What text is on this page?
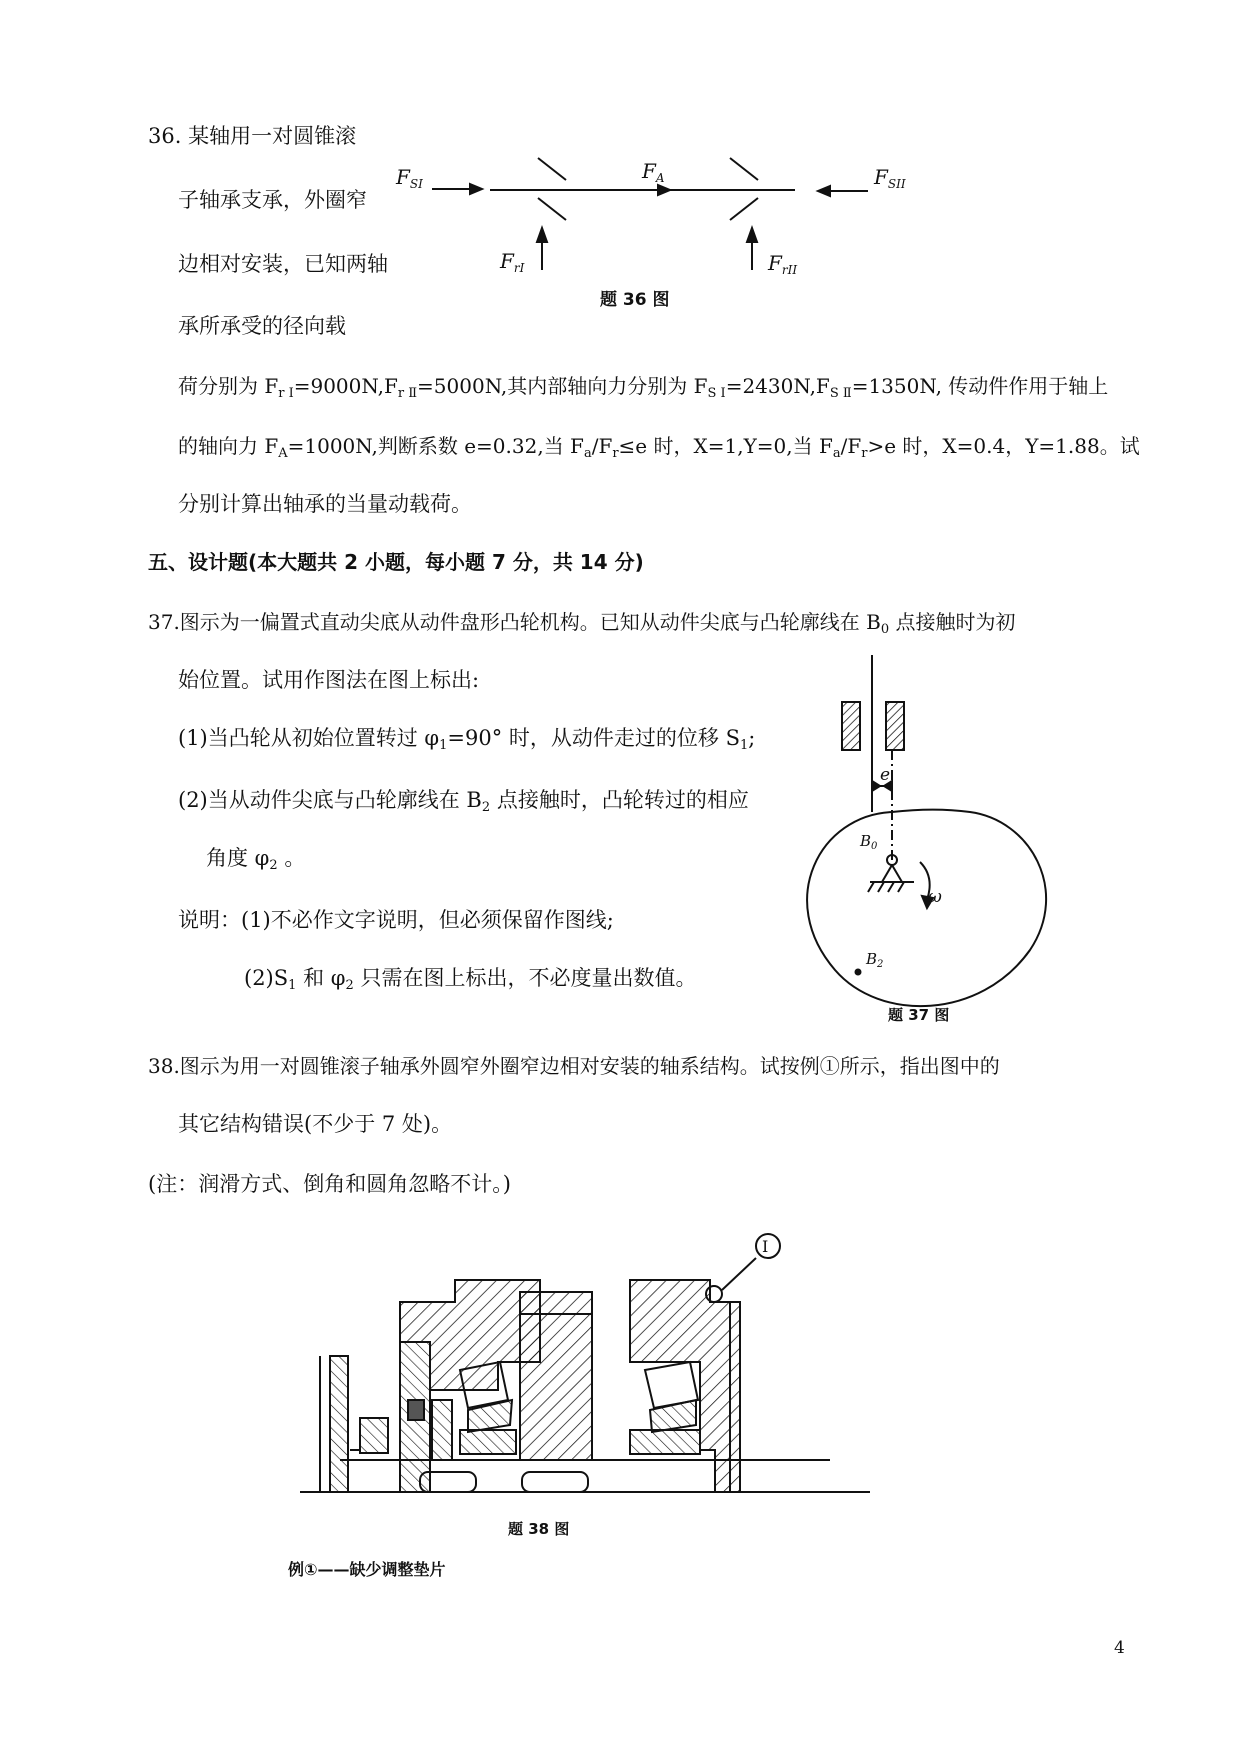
36. 某轴用一对圆锥滚
子轴承支承，外圈窄
边相对安装，已知两轴
承所承受的径向载
荷分别为 $F_{r Ⅰ}=9000N,F_{r Ⅱ}=5000N$,其内部轴向力分别为 $F_{S Ⅰ}=2430N,F_{S Ⅱ}=1350N$, 传动件作用于轴上
的轴向力 $F_A=1000N$,判断系数 e=0.32,当 $F_a/F_r\le e$ 时，X=1,Y=0,当 $F_a/F_r>e$ 时，X=0.4，Y=1.88。试
分别计算出轴承的当量动载荷。
$F_{SI}$
$F_A$	$F_{SII}$
$F_{rI}$	$F_{rII}$
题 36 图
五、设计题(本大题共 2 小题，每小题 7 分，共 14 分)
37.图示为一偏置式直动尖底从动件盘形凸轮机构。已知从动件尖底与凸轮廓线在 $B_0$ 点接触时为初
始位置。试用作图法在图上标出:
(1)当凸轮从初始位置转过 $\varphi_1=90^\circ$ 时，从动件走过的位移 $S_1$;
(2)当从动件尖底与凸轮廓线在 $B_2$ 点接触时，凸轮转过的相应
角度 $\varphi_2$ 。
说明：(1)不必作文字说明，但必须保留作图线;
$(2)S_1$ 和 $\varphi_2$ 只需在图上标出，不必度量出数值。
e
$B_0$
$B_2$
ω
题 37 图
38.图示为用一对圆锥滚子轴承外圆窄外圈窄边相对安装的轴系结构。试按例①所示，指出图中的
其它结构错误(不少于 7 处)。
(注：润滑方式、倒角和圆角忽略不计。)
I
题 38 图
例①——缺少调整垫片
4
